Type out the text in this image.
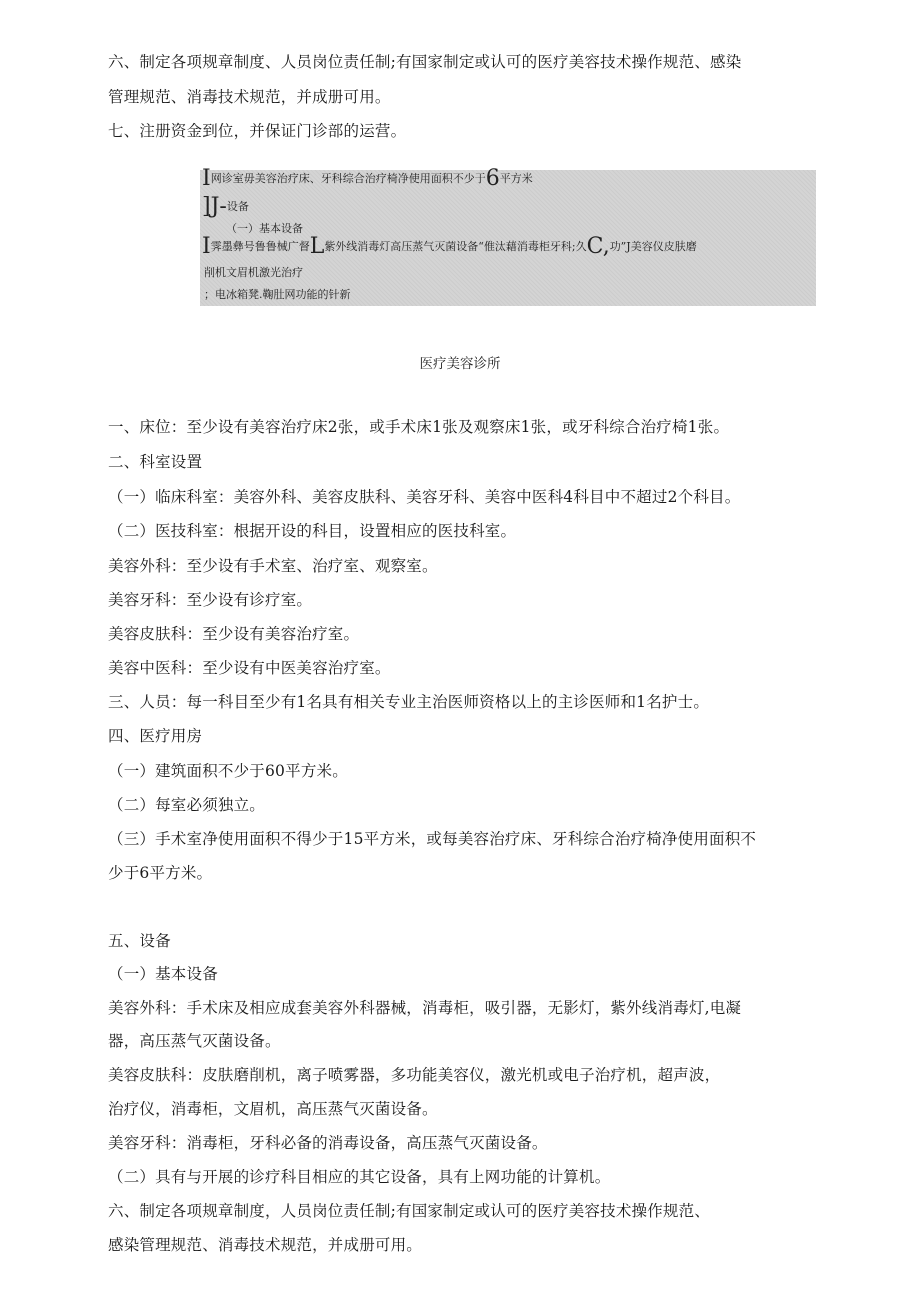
六、制定各项规章制度、人员岗位责任制;有国家制定或认可的医疗美容技术操作规范、感染
管理规范、消毒技术规范，并成册可用。
七、注册资金到位，并保证门诊部的运营。
I网诊室毋美容治疗床、牙科综合治疗椅净使用面积不少于6平方米
]J-设备
（一）基本设备
I霁墨彝号鲁鲁械广督L紫外线消毒灯高压蒸气灭菌设备“倠汰藉消毒柜牙科;久C,功”J美容仪皮肤磨
削机文眉机激光治疗
；电冰箱凳.鞠肚网功能的针新
医疗美容诊所
一、床位：至少设有美容治疗床2张，或手术床1张及观察床1张，或牙科综合治疗椅1张。
二、科室设置
（一）临床科室：美容外科、美容皮肤科、美容牙科、美容中医科4科目中不超过2个科目。
（二）医技科室：根据开设的科目，设置相应的医技科室。
美容外科：至少设有手术室、治疗室、观察室。
美容牙科：至少设有诊疗室。
美容皮肤科：至少设有美容治疗室。
美容中医科：至少设有中医美容治疗室。
三、人员：每一科目至少有1名具有相关专业主治医师资格以上的主诊医师和1名护士。
四、医疗用房
（一）建筑面积不少于60平方米。
（二）每室必须独立。
（三）手术室净使用面积不得少于15平方米，或每美容治疗床、牙科综合治疗椅净使用面积不
少于6平方米。
五、设备
（一）基本设备
美容外科：手术床及相应成套美容外科器械，消毒柜，吸引器，无影灯，紫外线消毒灯,电凝
器，高压蒸气灭菌设备。
美容皮肤科：皮肤磨削机，离子喷雾器，多功能美容仪，激光机或电子治疗机，超声波，
治疗仪，消毒柜，文眉机，高压蒸气灭菌设备。
美容牙科：消毒柜，牙科必备的消毒设备，高压蒸气灭菌设备。
（二）具有与开展的诊疗科目相应的其它设备，具有上网功能的计算机。
六、制定各项规章制度，人员岗位责任制;有国家制定或认可的医疗美容技术操作规范、
感染管理规范、消毒技术规范，并成册可用。
